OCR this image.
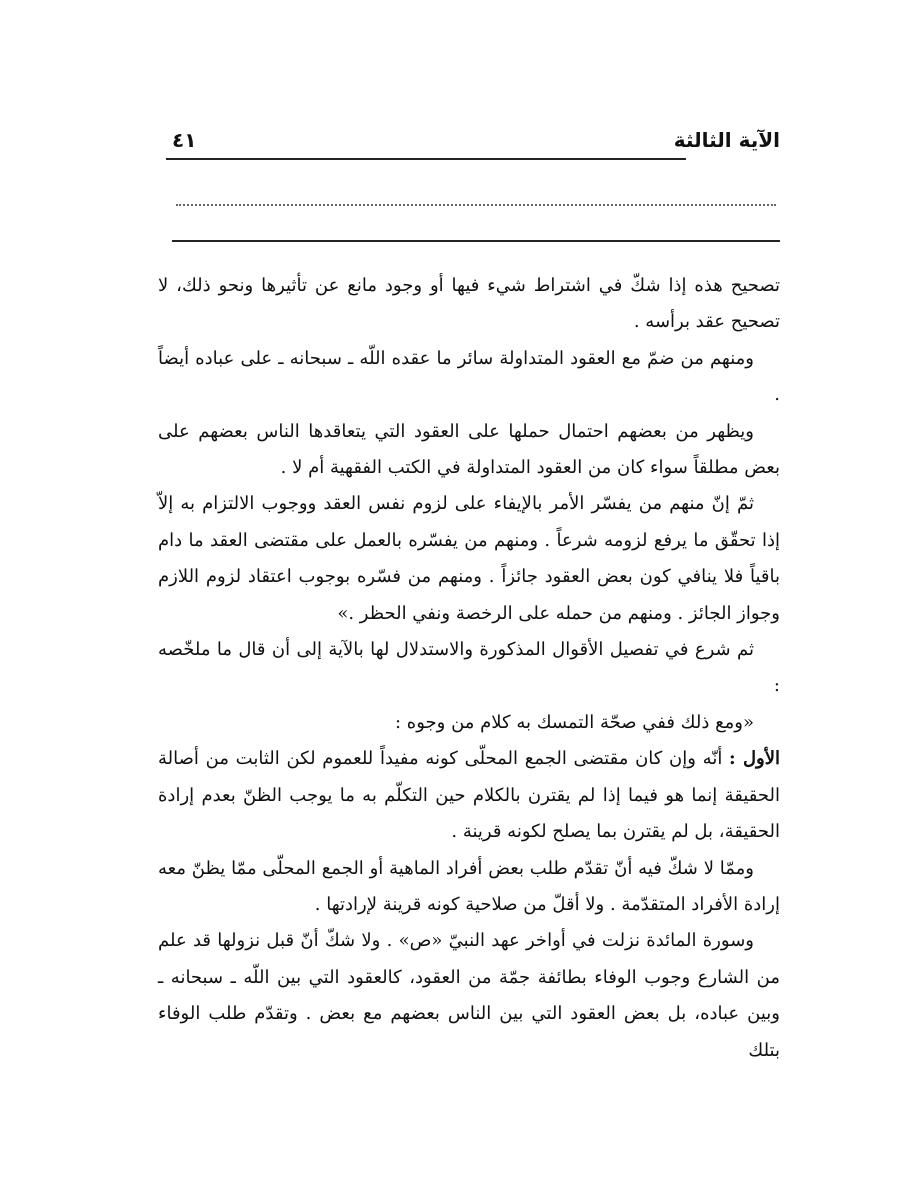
الآية الثالثة
٤١

تصحيح هذه إذا شكّ في اشتراط شيء فيها أو وجود مانع عن تأثيرها ونحو ذلك، لا تصحيح عقد برأسه .

ومنهم من ضمّ مع العقود المتداولة سائر ما عقده اللّه ـ سبحانه ـ على عباده أيضاً .

ويظهر من بعضهم احتمال حملها على العقود التي يتعاقدها الناس بعضهم على بعض مطلقاً سواء كان من العقود المتداولة في الكتب الفقهية أم لا .

ثمّ إنّ منهم من يفسّر الأمر بالإيفاء على لزوم نفس العقد ووجوب الالتزام به إلاّ إذا تحقّق ما يرفع لزومه شرعاً . ومنهم من يفسّره بالعمل على مقتضى العقد ما دام باقياً فلا ينافي كون بعض العقود جائزاً . ومنهم من فسّره بوجوب اعتقاد لزوم اللازم وجواز الجائز . ومنهم من حمله على الرخصة ونفي الحظر .»

ثم شرع في تفصيل الأقوال المذكورة والاستدلال لها بالآية إلى أن قال ما ملخّصه :

«ومع ذلك ففي صحّة التمسك به كلام من وجوه :

الأول : أنّه وإن كان مقتضى الجمع المحلّى كونه مفيداً للعموم لكن الثابت من أصالة الحقيقة إنما هو فيما إذا لم يقترن بالكلام حين التكلّم به ما يوجب الظنّ بعدم إرادة الحقيقة، بل لم يقترن بما يصلح لكونه قرينة .

وممّا لا شكّ فيه أنّ تقدّم طلب بعض أفراد الماهية أو الجمع المحلّى ممّا يظنّ معه إرادة الأفراد المتقدّمة . ولا أقلّ من صلاحية كونه قرينة لإرادتها .

وسورة المائدة نزلت في أواخر عهد النبيّ «ص» . ولا شكّ أنّ قبل نزولها قد علم من الشارع وجوب الوفاء بطائفة جمّة من العقود، كالعقود التي بين اللّه ـ سبحانه ـ وبين عباده، بل بعض العقود التي بين الناس بعضهم مع بعض . وتقدّم طلب الوفاء بتلك
